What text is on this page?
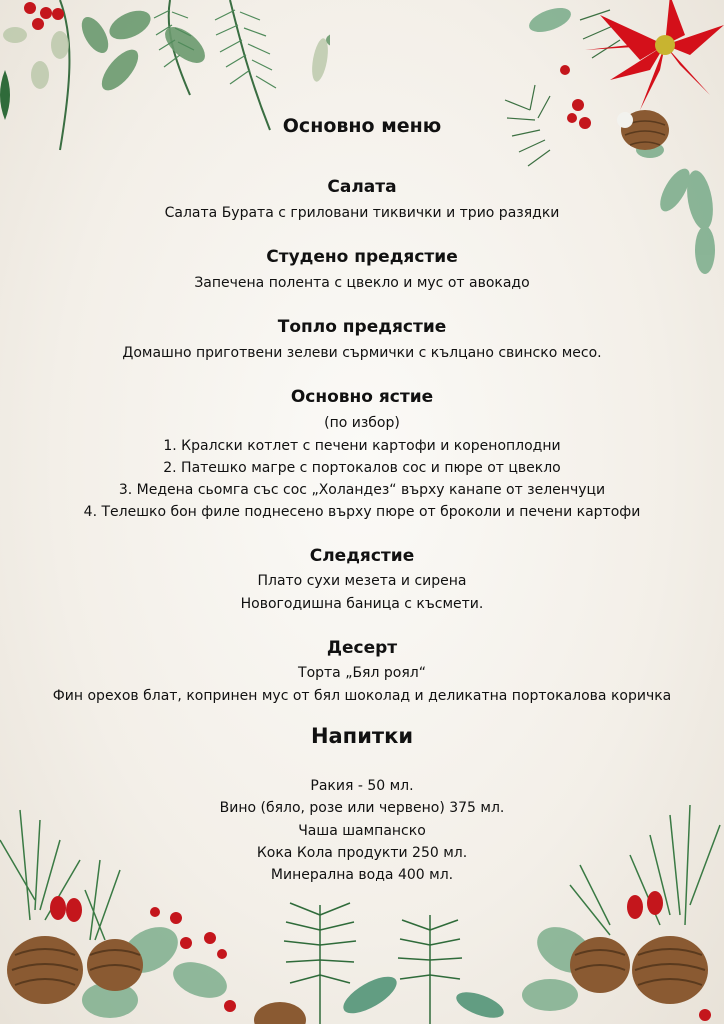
Основно меню
Салата
Салата Бурата с гриловани тиквички и трио разядки
Студено предястие
Запечена полента с цвекло и мус от авокадо
Топло предястие
Домашно приготвени зелеви сърмички с кълцано свинско месо.
Основно ястие
(по избор)
1. Кралски котлет с печени картофи и кореноплодни
2. Патешко магре с портокалов сос и пюре от цвекло
3. Медена сьомга със сос „Холандез“ върху канапе от зеленчуци
4. Телешко бон филе поднесено върху пюре от броколи и печени картофи
Следястие
Плато сухи мезета и сирена
Новогодишна баница с късмети.
Десерт
Торта „Бял роял“
Фин орехов блат, копринен мус от бял шоколад и деликатна портокалова коричка
Напитки
Ракия - 50 мл.
Вино (бяло, розе или червено) 375 мл.
Чаша шампанско
Кока Кола продукти 250 мл.
Минерална вода 400 мл.
